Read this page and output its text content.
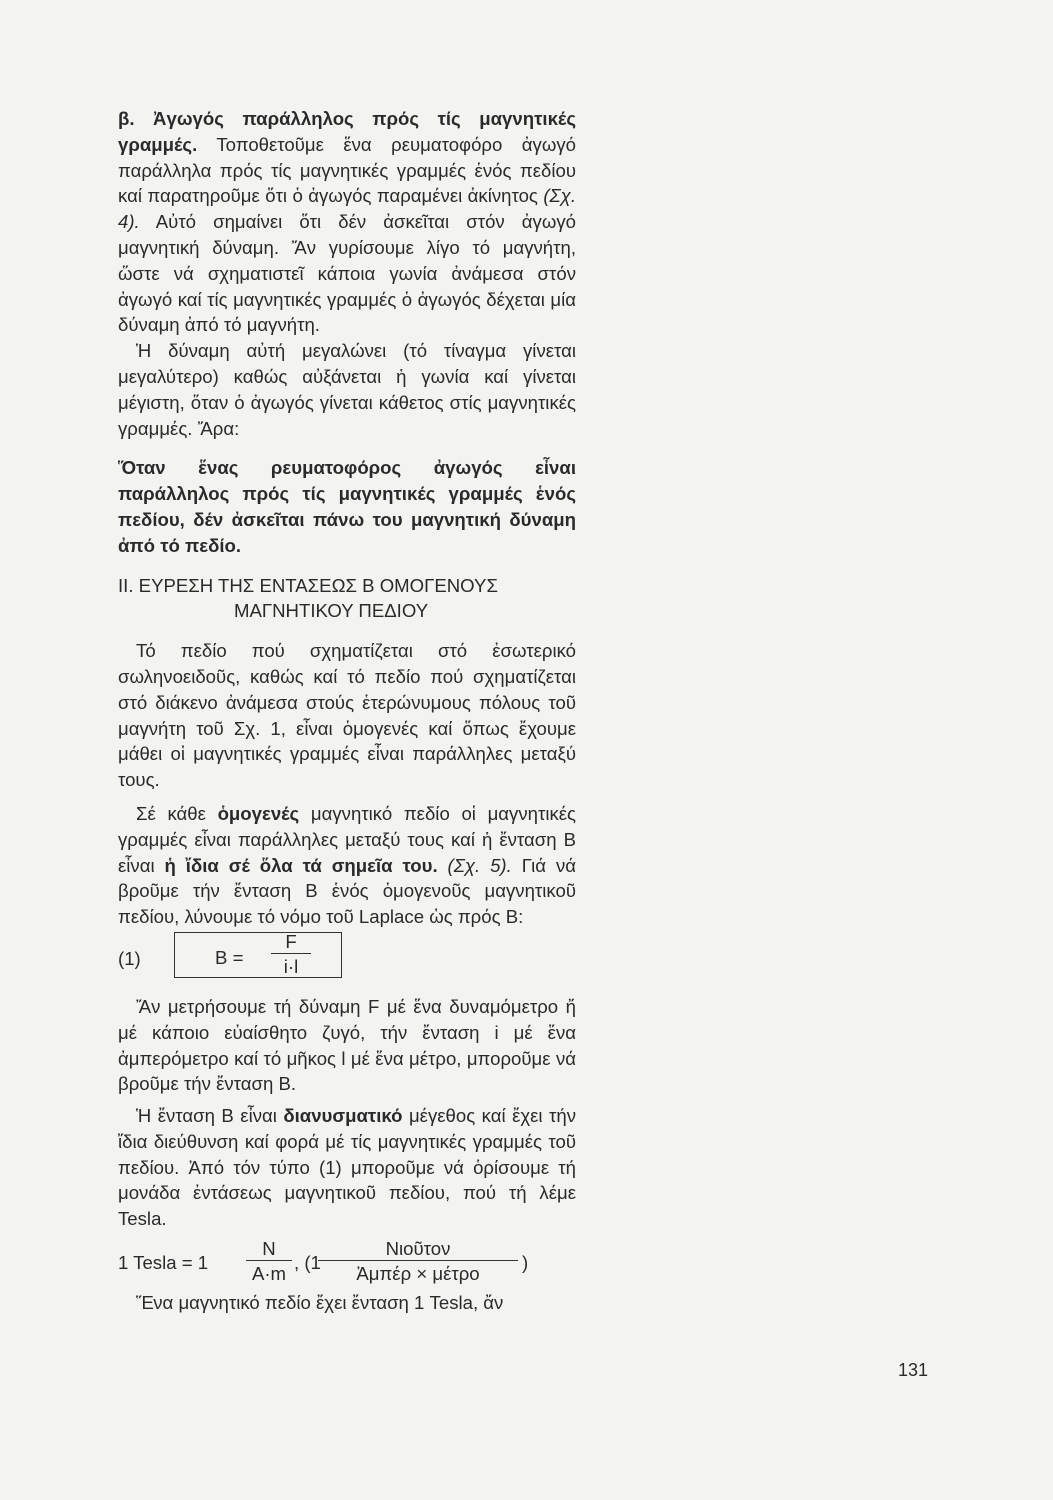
β. Ἀγωγός παράλληλος πρός τίς μαγνητικές γραμμές. Τοποθετοῦμε ἕνα ρευματοφόρο ἀγωγό παράλληλα πρός τίς μαγνητικές γραμμές ἑνός πεδίου καί παρατηροῦμε ὅτι ὁ ἀγωγός παραμένει ἀκίνητος (Σχ. 4). Αὐτό σημαίνει ὅτι δέν ἀσκεῖται στόν ἀγωγό μαγνητική δύναμη. Ἄν γυρίσουμε λίγο τό μαγνήτη, ὥστε νά σχηματιστεῖ κάποια γωνία ἀνάμεσα στόν ἀγωγό καί τίς μαγνητικές γραμμές ὁ ἀγωγός δέχεται μία δύναμη ἀπό τό μαγνήτη.

Ἡ δύναμη αὐτή μεγαλώνει (τό τίναγμα γίνεται μεγαλύτερο) καθώς αὐξάνεται ἡ γωνία καί γίνεται μέγιστη, ὅταν ὁ ἀγωγός γίνεται κάθετος στίς μαγνητικές γραμμές. Ἄρα:

Ὅταν ἕνας ρευματοφόρος ἀγωγός εἶναι παράλληλος πρός τίς μαγνητικές γραμμές ἑνός πεδίου, δέν ἀσκεῖται πάνω του μαγνητική δύναμη ἀπό τό πεδίο.

ΙΙ. ΕΥΡΕΣΗ ΤΗΣ ΕΝΤΑΣΕΩΣ Β ΟΜΟΓΕΝΟΥΣ
ΜΑΓΝΗΤΙΚΟΥ ΠΕΔΙΟΥ

Τό πεδίο πού σχηματίζεται στό ἐσωτερικό σωληνοειδοῦς, καθώς καί τό πεδίο πού σχηματίζεται στό διάκενο ἀνάμεσα στούς ἑτερώνυμους πόλους τοῦ μαγνήτη τοῦ Σχ. 1, εἶναι ὁμογενές καί ὅπως ἔχουμε μάθει οἱ μαγνητικές γραμμές εἶναι παράλληλες μεταξύ τους.

Σέ κάθε ὁμογενές μαγνητικό πεδίο οἱ μαγνητικές γραμμές εἶναι παράλληλες μεταξύ τους καί ἡ ἔνταση Β εἶναι ἡ ἴδια σέ ὅλα τά σημεῖα του. (Σχ. 5). Γιά νά βροῦμε τήν ἔνταση Β ἑνός ὁμογενοῦς μαγνητικοῦ πεδίου, λύνουμε τό νόμο τοῦ Laplace ὡς πρός Β:

(1)	B =
F
i·l

Ἄν μετρήσουμε τή δύναμη F μέ ἕνα δυναμόμετρο ἤ μέ κάποιο εὐαίσθητο ζυγό, τήν ἔνταση i μέ ἕνα ἀμπερόμετρο καί τό μῆκος l μέ ἕνα μέτρο, μποροῦμε νά βροῦμε τήν ἔνταση Β.

Ἡ ἔνταση Β εἶναι διανυσματικό μέγεθος καί ἔχει τήν ἴδια διεύθυνση καί φορά μέ τίς μαγνητικές γραμμές τοῦ πεδίου. Ἀπό τόν τύπο (1) μποροῦμε νά ὁρίσουμε τή μονάδα ἐντάσεως μαγνητικοῦ πεδίου, πού τή λέμε Tesla.

1 Tesla = 1
N
A·m
, (1
Νιοῦτον
Ἀμπέρ × μέτρο
)

Ἕνα μαγνητικό πεδίο ἔχει ἔνταση 1 Tesla, ἄν

131
